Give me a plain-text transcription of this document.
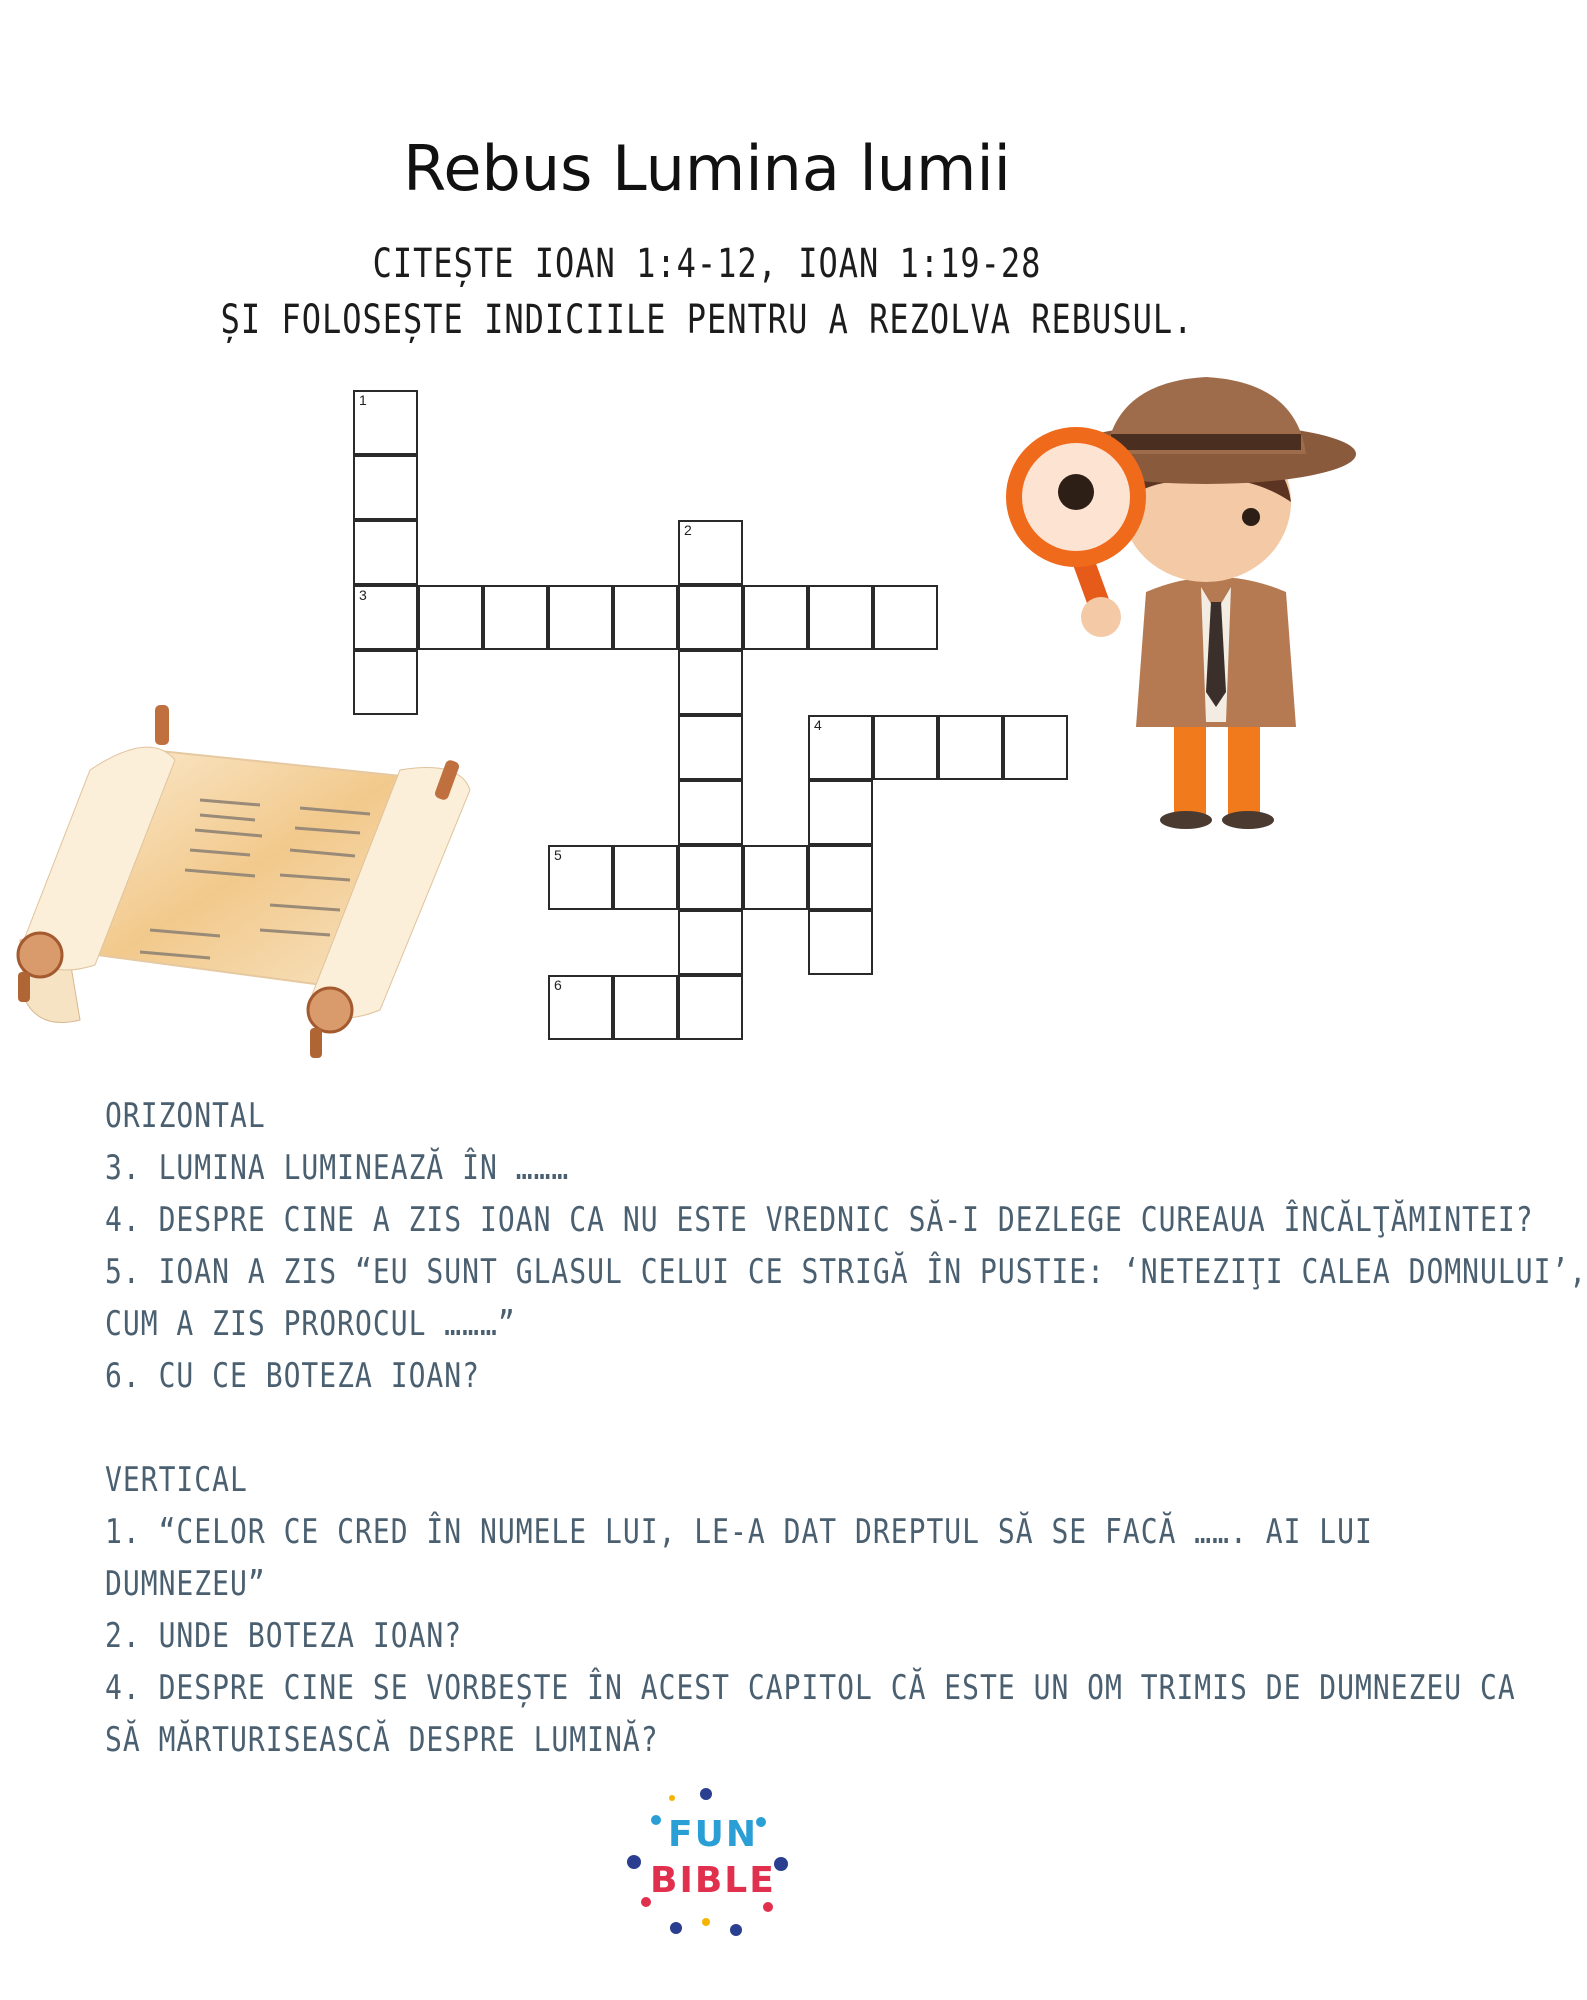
Rebus Lumina lumii
CITEȘTE IOAN 1:4-12, IOAN 1:19-28
ȘI FOLOSEȘTE INDICIILE PENTRU A REZOLVA REBUSUL.
1
3
2
4
5
6
ORIZONTAL
3. LUMINA LUMINEAZĂ ÎN ………
4. DESPRE CINE A ZIS IOAN CA NU ESTE VREDNIC SĂ-I DEZLEGE CUREAUA ÎNCĂLŢĂMINTEI?
5. IOAN A ZIS “EU SUNT GLASUL CELUI CE STRIGĂ ÎN PUSTIE: ‘NETEZIŢI CALEA DOMNULUI’,
CUM A ZIS PROROCUL ………”
6. CU CE BOTEZA IOAN?
VERTICAL
1. “CELOR CE CRED ÎN NUMELE LUI, LE-A DAT DREPTUL SĂ SE FACĂ ……. AI LUI
DUMNEZEU”
2. UNDE BOTEZA IOAN?
4. DESPRE CINE SE VORBEȘTE ÎN ACEST CAPITOL CĂ ESTE UN OM TRIMIS DE DUMNEZEU CA
SĂ MĂRTURISEASCĂ DESPRE LUMINĂ?
FUN
BIBLE
